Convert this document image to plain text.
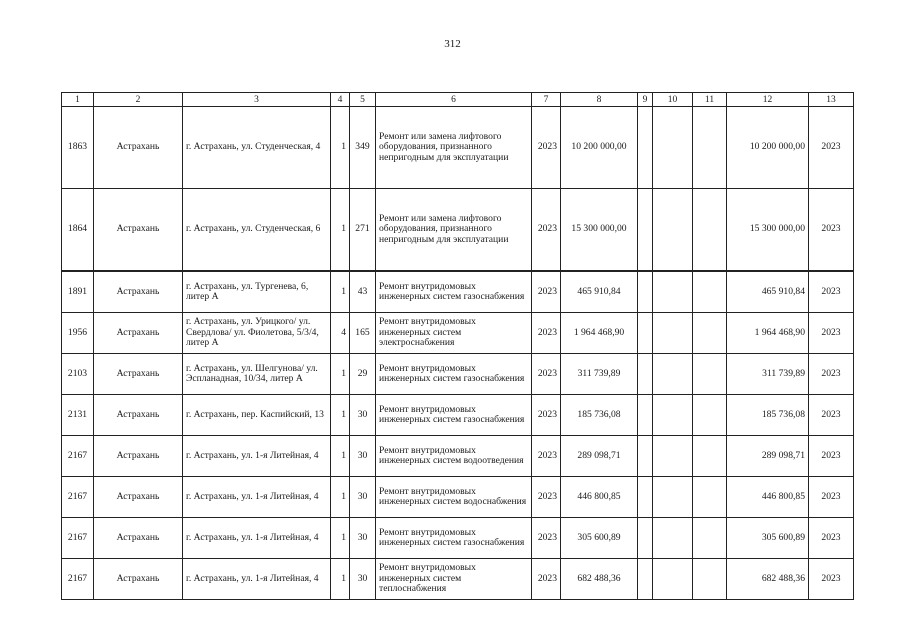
312
1	2	3	4	5	6	7	8	9	10	11	12	13
1863	Астрахань	г. Астрахань, ул. Студенческая, 4	1	349	Ремонт или замена лифтового оборудования, признанного непригодным для эксплуатации	2023	10 200 000,00				10 200 000,00	2023
1864	Астрахань	г. Астрахань, ул. Студенческая, 6	1	271	Ремонт или замена лифтового оборудования, признанного непригодным для эксплуатации	2023	15 300 000,00				15 300 000,00	2023
1891	Астрахань	г. Астрахань, ул. Тургенева, 6, литер А	1	43	Ремонт внутридомовых инженерных систем газоснабжения	2023	465 910,84				465 910,84	2023
1956	Астрахань	г. Астрахань, ул. Урицкого/ ул. Свердлова/ ул. Фиолетова, 5/3/4, литер А	4	165	Ремонт внутридомовых инженерных систем электроснабжения	2023	1 964 468,90				1 964 468,90	2023
2103	Астрахань	г. Астрахань, ул. Шелгунова/ ул. Эспланадная, 10/34, литер А	1	29	Ремонт внутридомовых инженерных систем газоснабжения	2023	311 739,89				311 739,89	2023
2131	Астрахань	г. Астрахань, пер. Каспийский, 13	1	30	Ремонт внутридомовых инженерных систем газоснабжения	2023	185 736,08				185 736,08	2023
2167	Астрахань	г. Астрахань, ул. 1-я Литейная, 4	1	30	Ремонт внутридомовых инженерных систем водоотведения	2023	289 098,71				289 098,71	2023
2167	Астрахань	г. Астрахань, ул. 1-я Литейная, 4	1	30	Ремонт внутридомовых инженерных систем водоснабжения	2023	446 800,85				446 800,85	2023
2167	Астрахань	г. Астрахань, ул. 1-я Литейная, 4	1	30	Ремонт внутридомовых инженерных систем газоснабжения	2023	305 600,89				305 600,89	2023
2167	Астрахань	г. Астрахань, ул. 1-я Литейная, 4	1	30	Ремонт внутридомовых инженерных систем теплоснабжения	2023	682 488,36				682 488,36	2023
